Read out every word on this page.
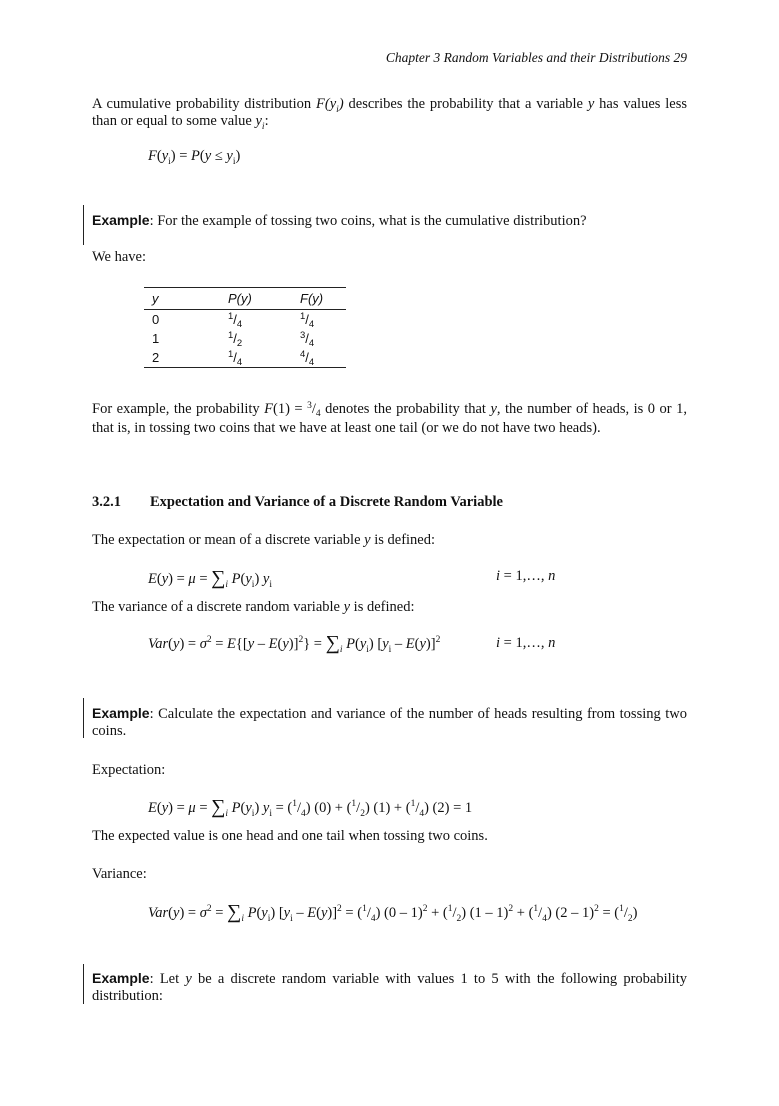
Chapter 3 Random Variables and their Distributions 29
A cumulative probability distribution $F(y_i)$ describes the probability that a variable y has values less than or equal to some value $y_i$:
$F(y_i) = P(y \le y_i)$
Example: For the example of tossing two coins, what is the cumulative distribution?
We have:
y	P(y)	F(y)
0	$^1/_4$	$^1/_4$
1	$^1/_2$	$^3/_4$
2	$^1/_4$	$^4/_4$
For example, the probability $F(1) = ^3/_4$ denotes the probability that y, the number of heads, is 0 or 1, that is, in tossing two coins that we have at least one tail (or we do not have two heads).
3.2.1 Expectation and Variance of a Discrete Random Variable
The expectation or mean of a discrete variable y is defined:
$E(y) = \mu = \sum_i$ $P(y_i)$ $y_i$
i = 1,…, n
The variance of a discrete random variable y is defined:
$Var(y) = \sigma^2 = E\{[y - E(y)]^2\} = \sum_i$ $P(y_i)$ $[y_i - E(y)]^2$	i = 1,…, n
Example: Calculate the expectation and variance of the number of heads resulting from tossing two coins.
Expectation:
$E(y) = \mu = \sum_i$ $P(y_i) y_i = (^1/_4) (0) + (^1/_2) (1) + (^1/_4) (2) = 1$
The expected value is one head and one tail when tossing two coins.
Variance:
$Var(y) = \sigma^2 = \sum_i$ $P(y_i)$ $[y_i - E(y)]^2 = (^1/_4)$ $(0 - 1)^2 + (^1/_2)$ $(1 - 1)^2 + (^1/_4)$ $(2 - 1)^2 = (^1/_2)$
Example: Let y be a discrete random variable with values 1 to 5 with the following probability distribution:
